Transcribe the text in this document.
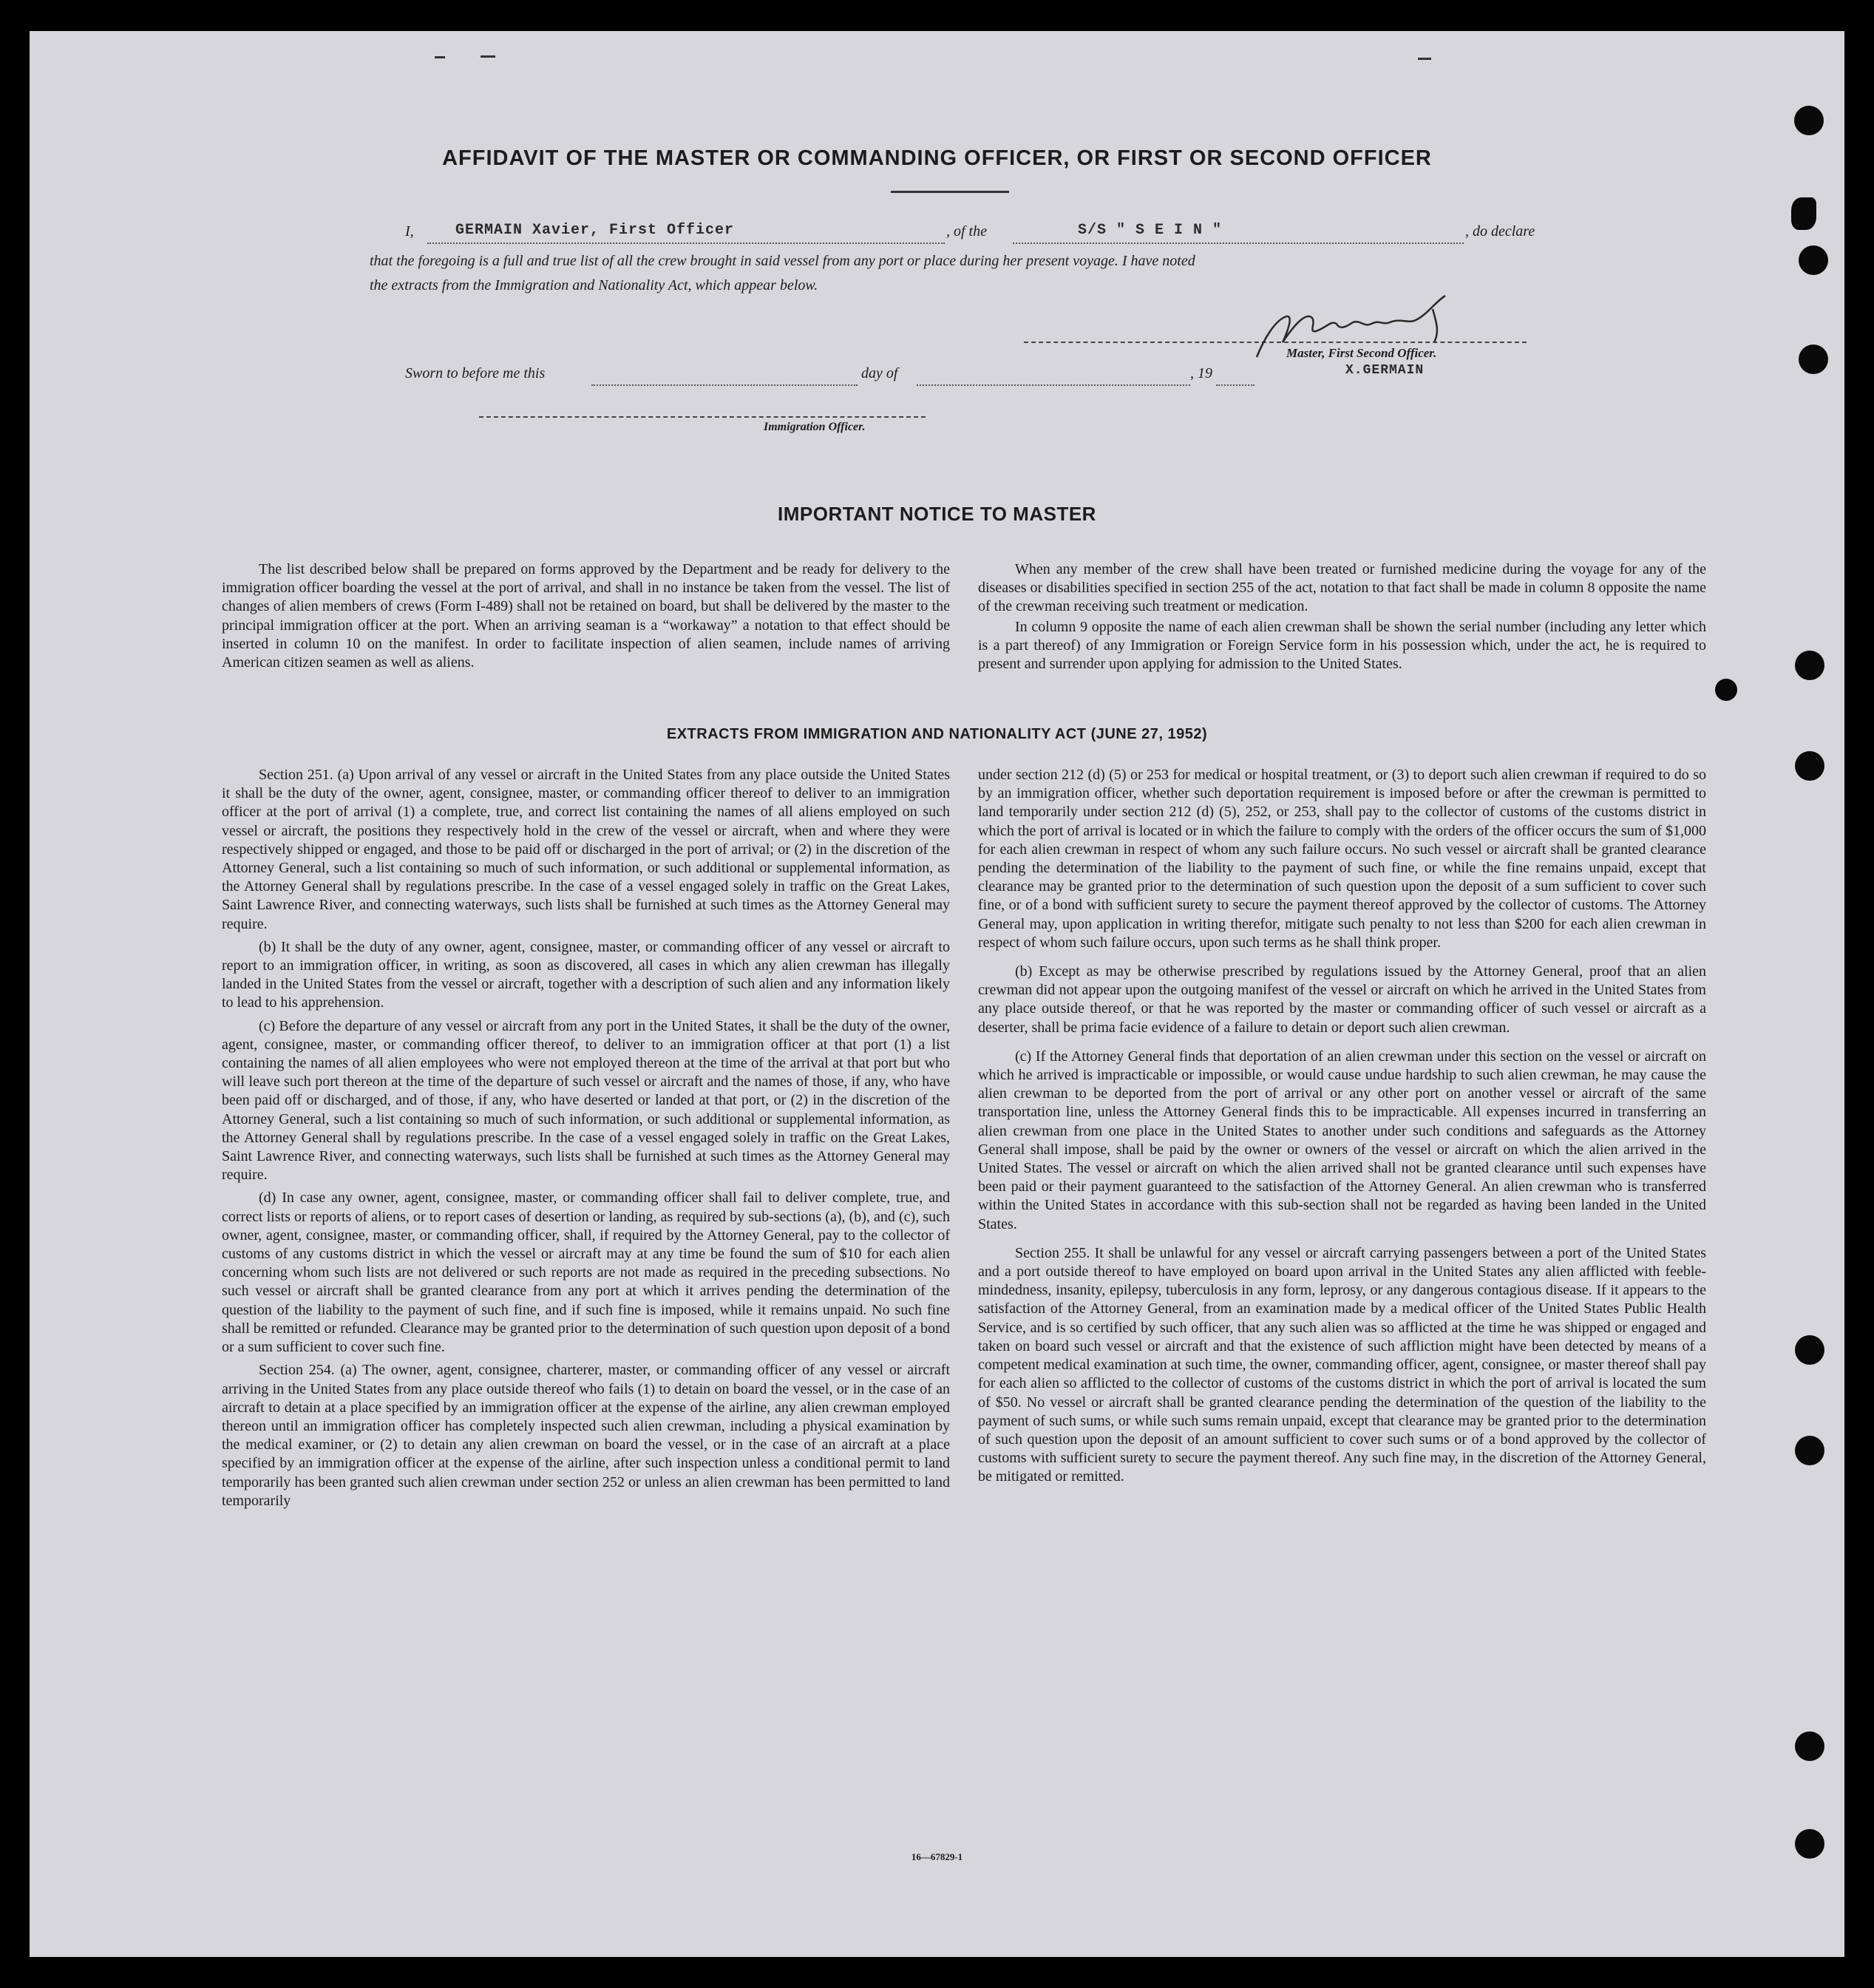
AFFIDAVIT OF THE MASTER OR COMMANDING OFFICER, OR FIRST OR SECOND OFFICER
I,	GERMAIN Xavier, First Officer	, of the	S/S " S E I N "	, do declare
that the foregoing is a full and true list of all the crew brought in said vessel from any port or place during her present voyage. I have noted
the extracts from the Immigration and Nationality Act, which appear below.
Master, First Second Officer.
X.GERMAIN
Sworn to before me this	day of	, 19
Immigration Officer.
IMPORTANT NOTICE TO MASTER

The list described below shall be prepared on forms approved by the Department and be ready for delivery to the immigration officer boarding the vessel at the port of arrival, and shall in no instance be taken from the vessel. The list of changes of alien members of crews (Form I-489) shall not be retained on board, but shall be delivered by the master to the principal immigration officer at the port. When an arriving seaman is a “workaway” a notation to that effect should be inserted in column 10 on the manifest. In order to facilitate inspection of alien seamen, include names of arriving American citizen seamen as well as aliens.

When any member of the crew shall have been treated or furnished medicine during the voyage for any of the diseases or disabilities specified in section 255 of the act, notation to that fact shall be made in column 8 opposite the name of the crewman receiving such treatment or medication.

In column 9 opposite the name of each alien crewman shall be shown the serial number (including any letter which is a part thereof) of any Immigration or Foreign Service form in his possession which, under the act, he is required to present and surrender upon applying for admission to the United States.

EXTRACTS FROM IMMIGRATION AND NATIONALITY ACT (JUNE 27, 1952)

Section 251. (a) Upon arrival of any vessel or aircraft in the United States from any place outside the United States it shall be the duty of the owner, agent, consignee, master, or commanding officer thereof to deliver to an immigration officer at the port of arrival (1) a complete, true, and correct list containing the names of all aliens employed on such vessel or aircraft, the positions they respectively hold in the crew of the vessel or aircraft, when and where they were respectively shipped or engaged, and those to be paid off or discharged in the port of arrival; or (2) in the discretion of the Attorney General, such a list containing so much of such information, or such additional or supplemental information, as the Attorney General shall by regulations prescribe. In the case of a vessel engaged solely in traffic on the Great Lakes, Saint Lawrence River, and connecting waterways, such lists shall be furnished at such times as the Attorney General may require.

(b) It shall be the duty of any owner, agent, consignee, master, or commanding officer of any vessel or aircraft to report to an immigration officer, in writing, as soon as discovered, all cases in which any alien crewman has illegally landed in the United States from the vessel or aircraft, together with a description of such alien and any information likely to lead to his apprehension.

(c) Before the departure of any vessel or aircraft from any port in the United States, it shall be the duty of the owner, agent, consignee, master, or commanding officer thereof, to deliver to an immigration officer at that port (1) a list containing the names of all alien employees who were not employed thereon at the time of the arrival at that port but who will leave such port thereon at the time of the departure of such vessel or aircraft and the names of those, if any, who have been paid off or discharged, and of those, if any, who have deserted or landed at that port, or (2) in the discretion of the Attorney General, such a list containing so much of such information, or such additional or supplemental information, as the Attorney General shall by regulations prescribe. In the case of a vessel engaged solely in traffic on the Great Lakes, Saint Lawrence River, and connecting waterways, such lists shall be furnished at such times as the Attorney General may require.

(d) In case any owner, agent, consignee, master, or commanding officer shall fail to deliver complete, true, and correct lists or reports of aliens, or to report cases of desertion or landing, as required by sub-sections (a), (b), and (c), such owner, agent, consignee, master, or commanding officer, shall, if required by the Attorney General, pay to the collector of customs of any customs district in which the vessel or aircraft may at any time be found the sum of $10 for each alien concerning whom such lists are not delivered or such reports are not made as required in the preceding subsections. No such vessel or aircraft shall be granted clearance from any port at which it arrives pending the determination of the question of the liability to the payment of such fine, and if such fine is imposed, while it remains unpaid. No such fine shall be remitted or refunded. Clearance may be granted prior to the determination of such question upon deposit of a bond or a sum sufficient to cover such fine.

Section 254. (a) The owner, agent, consignee, charterer, master, or commanding officer of any vessel or aircraft arriving in the United States from any place outside thereof who fails (1) to detain on board the vessel, or in the case of an aircraft to detain at a place specified by an immigration officer at the expense of the airline, any alien crewman employed thereon until an immigration officer has completely inspected such alien crewman, including a physical examination by the medical examiner, or (2) to detain any alien crewman on board the vessel, or in the case of an aircraft at a place specified by an immigration officer at the expense of the airline, after such inspection unless a conditional permit to land temporarily has been granted such alien crewman under section 252 or unless an alien crewman has been permitted to land temporarily

under section 212 (d) (5) or 253 for medical or hospital treatment, or (3) to deport such alien crewman if required to do so by an immigration officer, whether such deportation requirement is imposed before or after the crewman is permitted to land temporarily under section 212 (d) (5), 252, or 253, shall pay to the collector of customs of the customs district in which the port of arrival is located or in which the failure to comply with the orders of the officer occurs the sum of $1,000 for each alien crewman in respect of whom any such failure occurs. No such vessel or aircraft shall be granted clearance pending the determination of the liability to the payment of such fine, or while the fine remains unpaid, except that clearance may be granted prior to the determination of such question upon the deposit of a sum sufficient to cover such fine, or of a bond with sufficient surety to secure the payment thereof approved by the collector of customs. The Attorney General may, upon application in writing therefor, mitigate such penalty to not less than $200 for each alien crewman in respect of whom such failure occurs, upon such terms as he shall think proper.

(b) Except as may be otherwise prescribed by regulations issued by the Attorney General, proof that an alien crewman did not appear upon the outgoing manifest of the vessel or aircraft on which he arrived in the United States from any place outside thereof, or that he was reported by the master or commanding officer of such vessel or aircraft as a deserter, shall be prima facie evidence of a failure to detain or deport such alien crewman.

(c) If the Attorney General finds that deportation of an alien crewman under this section on the vessel or aircraft on which he arrived is impracticable or impossible, or would cause undue hardship to such alien crewman, he may cause the alien crewman to be deported from the port of arrival or any other port on another vessel or aircraft of the same transportation line, unless the Attorney General finds this to be impracticable. All expenses incurred in transferring an alien crewman from one place in the United States to another under such conditions and safeguards as the Attorney General shall impose, shall be paid by the owner or owners of the vessel or aircraft on which the alien arrived in the United States. The vessel or aircraft on which the alien arrived shall not be granted clearance until such expenses have been paid or their payment guaranteed to the satisfaction of the Attorney General. An alien crewman who is transferred within the United States in accordance with this sub-section shall not be regarded as having been landed in the United States.

Section 255. It shall be unlawful for any vessel or aircraft carrying passengers between a port of the United States and a port outside thereof to have employed on board upon arrival in the United States any alien afflicted with feeble-mindedness, insanity, epilepsy, tuberculosis in any form, leprosy, or any dangerous contagious disease. If it appears to the satisfaction of the Attorney General, from an examination made by a medical officer of the United States Public Health Service, and is so certified by such officer, that any such alien was so afflicted at the time he was shipped or engaged and taken on board such vessel or aircraft and that the existence of such affliction might have been detected by means of a competent medical examination at such time, the owner, commanding officer, agent, consignee, or master thereof shall pay for each alien so afflicted to the collector of customs of the customs district in which the port of arrival is located the sum of $50. No vessel or aircraft shall be granted clearance pending the determination of the question of the liability to the payment of such sums, or while such sums remain unpaid, except that clearance may be granted prior to the determination of such question upon the deposit of an amount sufficient to cover such sums or of a bond approved by the collector of customs with sufficient surety to secure the payment thereof. Any such fine may, in the discretion of the Attorney General, be mitigated or remitted.

16—67829-1
